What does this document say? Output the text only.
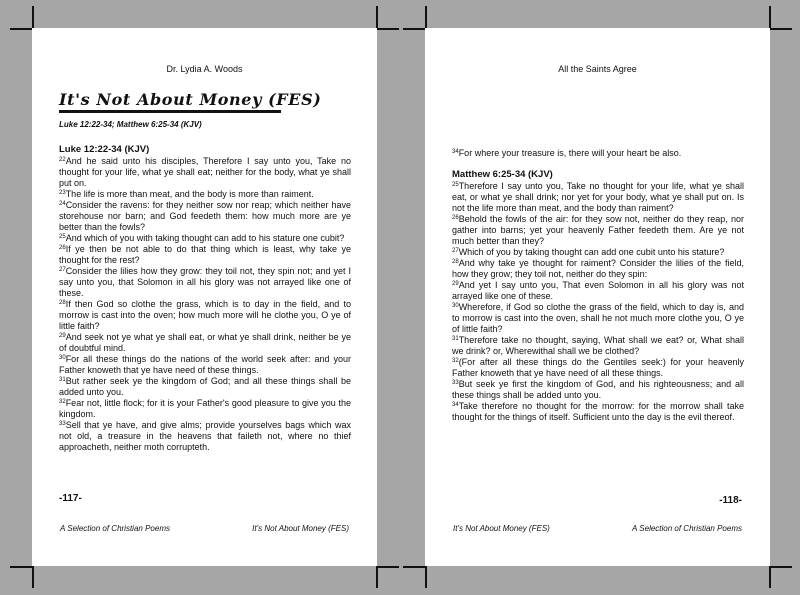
Dr. Lydia A. Woods
It's Not About Money (FES)
Luke 12:22-34; Matthew 6:25-34 (KJV)

Luke 12:22-34 (KJV)

$^{22}$And he said unto his disciples, Therefore I say unto you, Take no thought for your life, what ye shall eat; neither for the body, what ye shall put on.

$^{23}$The life is more than meat, and the body is more than raiment.

$^{24}$Consider the ravens: for they neither sow nor reap; which neither have storehouse nor barn; and God feedeth them: how much more are ye better than the fowls?

$^{25}$And which of you with taking thought can add to his stature one cubit?

$^{26}$If ye then be not able to do that thing which is least, why take ye thought for the rest?

$^{27}$Consider the lilies how they grow: they toil not, they spin not; and yet I say unto you, that Solomon in all his glory was not arrayed like one of these.

$^{28}$If then God so clothe the grass, which is to day in the field, and to morrow is cast into the oven; how much more will he clothe you, O ye of little faith?

$^{29}$And seek not ye what ye shall eat, or what ye shall drink, neither be ye of doubtful mind.

$^{30}$For all these things do the nations of the world seek after: and your Father knoweth that ye have need of these things.

$^{31}$But rather seek ye the kingdom of God; and all these things shall be added unto you.

$^{32}$Fear not, little flock; for it is your Father's good pleasure to give you the kingdom.

$^{33}$Sell that ye have, and give alms; provide yourselves bags which wax not old, a treasure in the heavens that faileth not, where no thief approacheth, neither moth corrupteth.

-117-
A Selection of Christian Poems	It's Not About Money (FES)
All the Saints Agree

$^{34}$For where your treasure is, there will your heart be also.

Matthew 6:25-34 (KJV)

$^{25}$Therefore I say unto you, Take no thought for your life, what ye shall eat, or what ye shall drink; nor yet for your body, what ye shall put on. Is not the life more than meat, and the body than raiment?

$^{26}$Behold the fowls of the air: for they sow not, neither do they reap, nor gather into barns; yet your heavenly Father feedeth them. Are ye not much better than they?

$^{27}$Which of you by taking thought can add one cubit unto his stature?

$^{28}$And why take ye thought for raiment? Consider the lilies of the field, how they grow; they toil not, neither do they spin:

$^{29}$And yet I say unto you, That even Solomon in all his glory was not arrayed like one of these.

$^{30}$Wherefore, if God so clothe the grass of the field, which to day is, and to morrow is cast into the oven, shall he not much more clothe you, O ye of little faith?

$^{31}$Therefore take no thought, saying, What shall we eat? or, What shall we drink? or, Wherewithal shall we be clothed?

$^{32}$(For after all these things do the Gentiles seek:) for your heavenly Father knoweth that ye have need of all these things.

$^{33}$But seek ye first the kingdom of God, and his righteousness; and all these things shall be added unto you.

$^{34}$Take therefore no thought for the morrow: for the morrow shall take thought for the things of itself. Sufficient unto the day is the evil thereof.

-118-
It's Not About Money (FES)	A Selection of Christian Poems
